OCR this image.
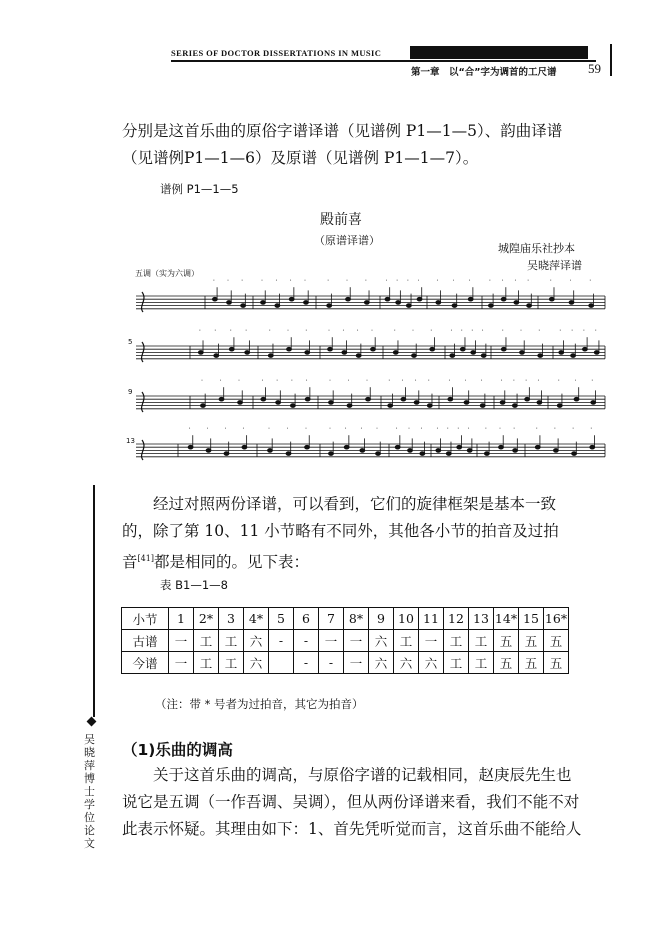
SERIES OF DOCTOR DISSERTATIONS IN MUSIC
第一章　以“合”字为调首的工尺谱 59
分别是这首乐曲的原俗字谱译谱（见谱例 P1—1—5）、韵曲译谱
（见谱例P1—1—6）及原谱（见谱例 P1—1—7）。
谱例 P1—1—5
殿前喜
（原谱译谱）
城隍庙乐社抄本
吴晓萍译谱
五调（实为六调）
˙ ˙ ˙ ˙ ˙ ˙ ˙ ˙ ˙ ˙ ˙ ˙ ˙ ˙ ˙ ˙ ˙ ˙ ˙ ˙ ˙ ˙ ˙ ˙
˙ ˙ ˙ ˙ ˙ ˙ ˙ ˙ ˙ ˙ ˙ ˙ ˙ ˙ ˙ ˙ ˙ ˙ ˙ ˙ ˙ ˙ ˙ ˙ ˙
˙ ˙ ˙ ˙ ˙ ˙ ˙ ˙ ˙ ˙ ˙ ˙ ˙ ˙ ˙ ˙ ˙ ˙ ˙ ˙ ˙ ˙ ˙ ˙
˙ ˙ ˙ ˙	˙ ˙ ˙ ˙ ˙ ˙ ˙ ˙ ˙ ˙ ˙ ˙ ˙ ˙ ˙ ˙ ˙ ˙ ˙ ˙ ˙
5
9
13
经过对照两份译谱，可以看到，它们的旋律框架是基本一致
的，除了第 10、11 小节略有不同外，其他各小节的拍音及过拍
音[41]都是相同的。见下表：
表 B1—1—8
小节	1	2*	3	4*	5	6	7	8*	9	10	11	12	13	14*	15	16*
古谱	一	工	工	六	-	-	一	一	六	工	一	工	工	五	五	五
今谱	一	工	工	六		-	-	一	六	六	六	工	工	五	五	五
（注：带 * 号者为过拍音，其它为拍音）
（1)乐曲的调高
关于这首乐曲的调高，与原俗字谱的记载相同，赵庚辰先生也
说它是五调（一作吾调、吴调），但从两份译谱来看，我们不能不对
此表示怀疑。其理由如下：1、首先凭听觉而言，这首乐曲不能给人
吴晓萍博士学位论文
